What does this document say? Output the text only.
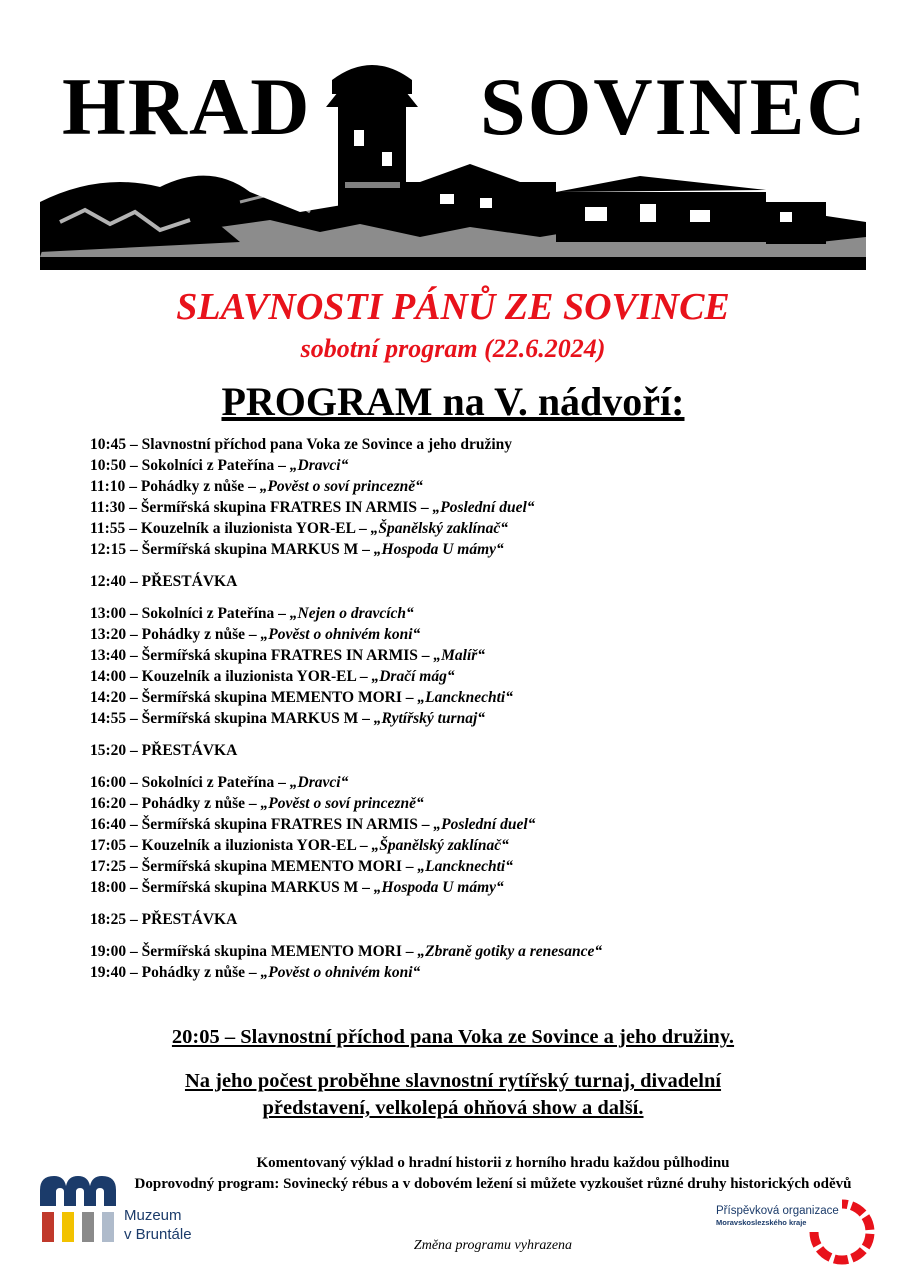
HRAD SOVINEC
SLAVNOSTI PÁNŮ ZE SOVINCE
sobotní program (22.6.2024)
PROGRAM na V. nádvoří:
10:45 – Slavnostní příchod pana Voka ze Sovince a jeho družiny
10:50 – Sokolníci z Pateřína – „Dravci“
11:10 – Pohádky z nůše – „Pověst o soví princezně“
11:30 – Šermířská skupina FRATRES IN ARMIS – „Poslední duel“
11:55 – Kouzelník a iluzionista YOR-EL – „Španělský zaklínač“
12:15 – Šermířská skupina MARKUS M – „Hospoda U mámy“
12:40 – PŘESTÁVKA
13:00 – Sokolníci z Pateřína – „Nejen o dravcích“
13:20 – Pohádky z nůše – „Pověst o ohnivém koni“
13:40 – Šermířská skupina FRATRES IN ARMIS – „Malíř“
14:00 – Kouzelník a iluzionista YOR-EL – „Dračí mág“
14:20 – Šermířská skupina MEMENTO MORI – „Lancknechti“
14:55 – Šermířská skupina MARKUS M – „Rytířský turnaj“
15:20 – PŘESTÁVKA
16:00 – Sokolníci z Pateřína – „Dravci“
16:20 – Pohádky z nůše – „Pověst o soví princezně“
16:40 – Šermířská skupina FRATRES IN ARMIS – „Poslední duel“
17:05 – Kouzelník a iluzionista YOR-EL – „Španělský zaklínač“
17:25 – Šermířská skupina MEMENTO MORI – „Lancknechti“
18:00 – Šermířská skupina MARKUS M – „Hospoda U mámy“
18:25 – PŘESTÁVKA
19:00 – Šermířská skupina MEMENTO MORI – „Zbraně gotiky a renesance“
19:40 – Pohádky z nůše – „Pověst o ohnivém koni“
20:05 – Slavnostní příchod pana Voka ze Sovince a jeho družiny.
Na jeho počest proběhne slavnostní rytířský turnaj, divadelní
představení, velkolepá ohňová show a další.
Komentovaný výklad o hradní historii z horního hradu každou půlhodinu
Doprovodný program: Sovinecký rébus a v dobovém ležení si můžete vyzkoušet různé druhy historických oděvů
Změna programu vyhrazena
Muzeum
v Bruntále
Příspěvková organizace
Moravskoslezského kraje
